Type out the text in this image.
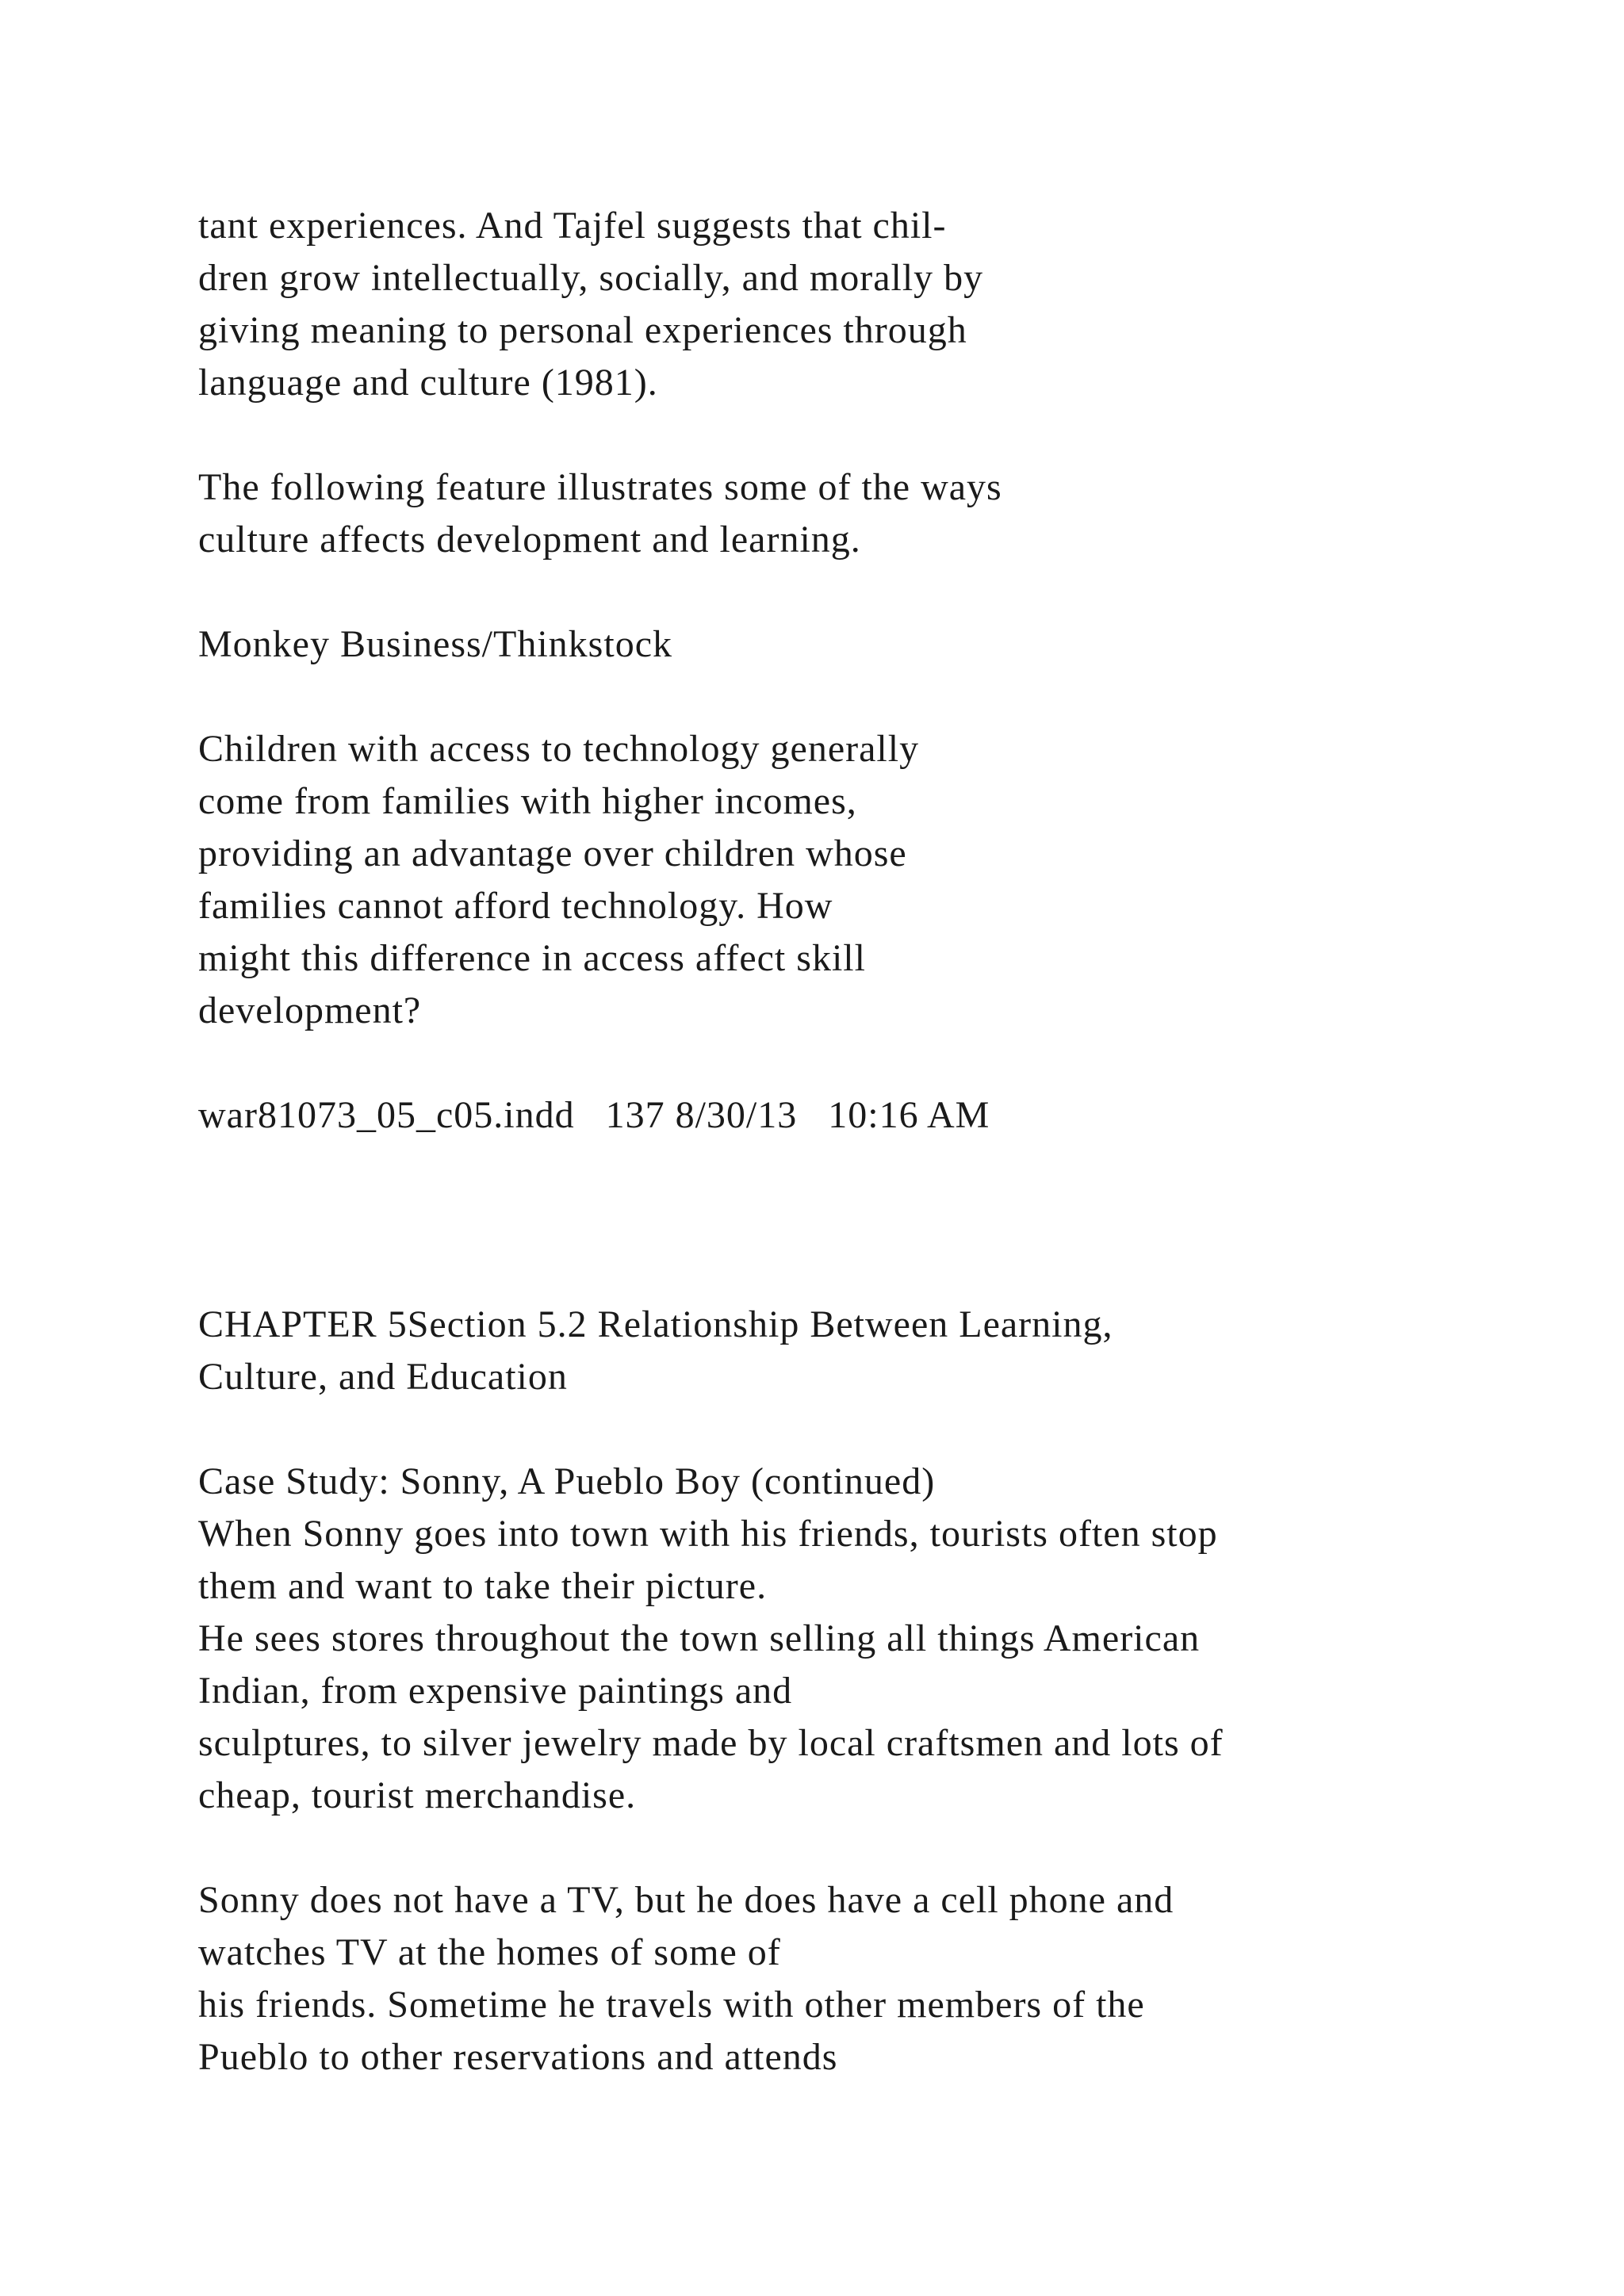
tant experiences. And Tajfel suggests that chil-
dren grow intellectually, socially, and morally by
giving meaning to personal experiences through
language and culture (1981).
The following feature illustrates some of the ways
culture affects development and learning.
Monkey Business/Thinkstock
Children with access to technology generally
come from families with higher incomes,
providing an advantage over children whose
families cannot afford technology. How
might this difference in access affect skill
development?
war81073_05_c05.indd   137 8/30/13   10:16 AM
CHAPTER 5Section 5.2 Relationship Between Learning,
Culture, and Education
Case Study: Sonny, A Pueblo Boy (continued)
When Sonny goes into town with his friends, tourists often stop
them and want to take their picture.
He sees stores throughout the town selling all things American
Indian, from expensive paintings and
sculptures, to silver jewelry made by local craftsmen and lots of
cheap, tourist merchandise.
Sonny does not have a TV, but he does have a cell phone and
watches TV at the homes of some of
his friends. Sometime he travels with other members of the
Pueblo to other reservations and attends
